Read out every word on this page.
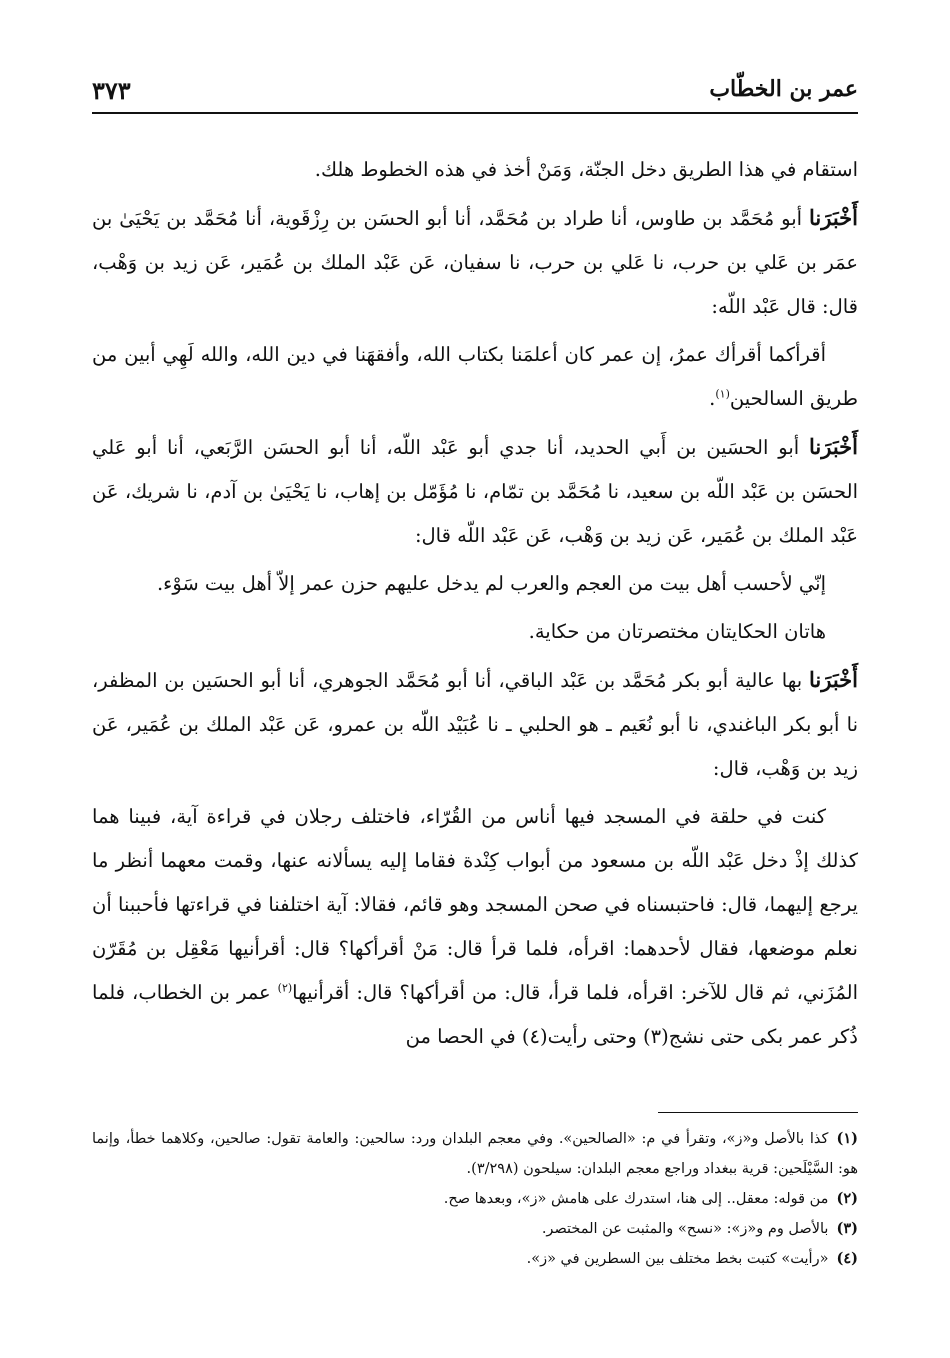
عمر بن الخطّاب
٣٧٣

استقام في هذا الطريق دخل الجنّة، وَمَنْ أخذ في هذه الخطوط هلك.

أَخْبَرَنا أبو مُحَمَّد بن طاوس، أنا طراد بن مُحَمَّد، أنا أبو الحسَن بن رِزْقَوية، أنا مُحَمَّد بن يَحْيَىٰ بن عمَر بن عَلي بن حرب، نا عَلي بن حرب، نا سفيان، عَن عَبْد الملك بن عُمَير، عَن زيد بن وَهْب، قال: قال عَبْد اللّه:

أقرأكما أقرأك عمرُ، إن عمر كان أعلمَنا بكتاب الله، وأفقهَنا في دين الله، والله لَهِي أبين من طريق السالحين$^{(١)}$.

أَخْبَرَنا أبو الحسَين بن أَبي الحديد، أنا جدي أبو عَبْد اللّه، أنا أبو الحسَن الرَّبَعي، أنا أبو عَلي الحسَن بن عَبْد اللّه بن سعيد، نا مُحَمَّد بن تمّام، نا مُؤَمّل بن إهاب، نا يَحْيَىٰ بن آدم، نا شريك، عَن عَبْد الملك بن عُمَير، عَن زيد بن وَهْب، عَن عَبْد اللّه قال:

إنّي لأحسب أهل بيت من العجم والعرب لم يدخل عليهم حزن عمر إلاّ أهل بيت سَوْء.

هاتان الحكايتان مختصرتان من حكاية.

أَخْبَرَنا بها عالية أبو بكر مُحَمَّد بن عَبْد الباقي، أنا أبو مُحَمَّد الجوهري، أنا أبو الحسَين بن المظفر، نا أبو بكر الباغندي، نا أبو نُعَيم ـ هو الحلبي ـ نا عُبَيْد اللّه بن عمرو، عَن عَبْد الملك بن عُمَير، عَن زيد بن وَهْب، قال:

كنت في حلقة في المسجد فيها أناس من القُرّاء، فاختلف رجلان في قراءة آية، فبينا هما كذلك إذْ دخل عَبْد اللّه بن مسعود من أبواب كِنْدة فقاما إليه يسألانه عنها، وقمت معهما أنظر ما يرجع إليهما، قال: فاحتبسناه في صحن المسجد وهو قائم، فقالا: آية اختلفنا في قراءتها فأحببنا أن نعلم موضعها، فقال لأحدهما: اقرأه، فلما قرأ قال: مَنْ أقرأكها؟ قال: أقرأنيها مَعْقِل بن مُقَرّن المُزَني، ثم قال للآخر: اقرأه، فلما قرأ، قال: من أقرأكها؟ قال: أقرأنيها$^{(٢)}$ عمر بن الخطاب، فلما ذُكر عمر بكى حتى نشج(٣) وحتى رأيت(٤) في الحصا من

(١)كذا بالأصل و«ز»، وتقرأ في م: «الصالحين». وفي معجم البلدان ورد: سالحين: والعامة تقول: صالحين، وكلاهما خطأ، وإنما هو: السَّيْلَحين: قرية ببغداد وراجع معجم البلدان: سيلحون (٣/٢٩٨).

(٢)من قوله: معقل.. إلى هنا، استدرك على هامش «ز»، وبعدها صح.

(٣)بالأصل وم و«ز»: «نسح» والمثبت عن المختصر.

(٤)«رأيت» كتبت بخط مختلف بين السطرين في «ز».
